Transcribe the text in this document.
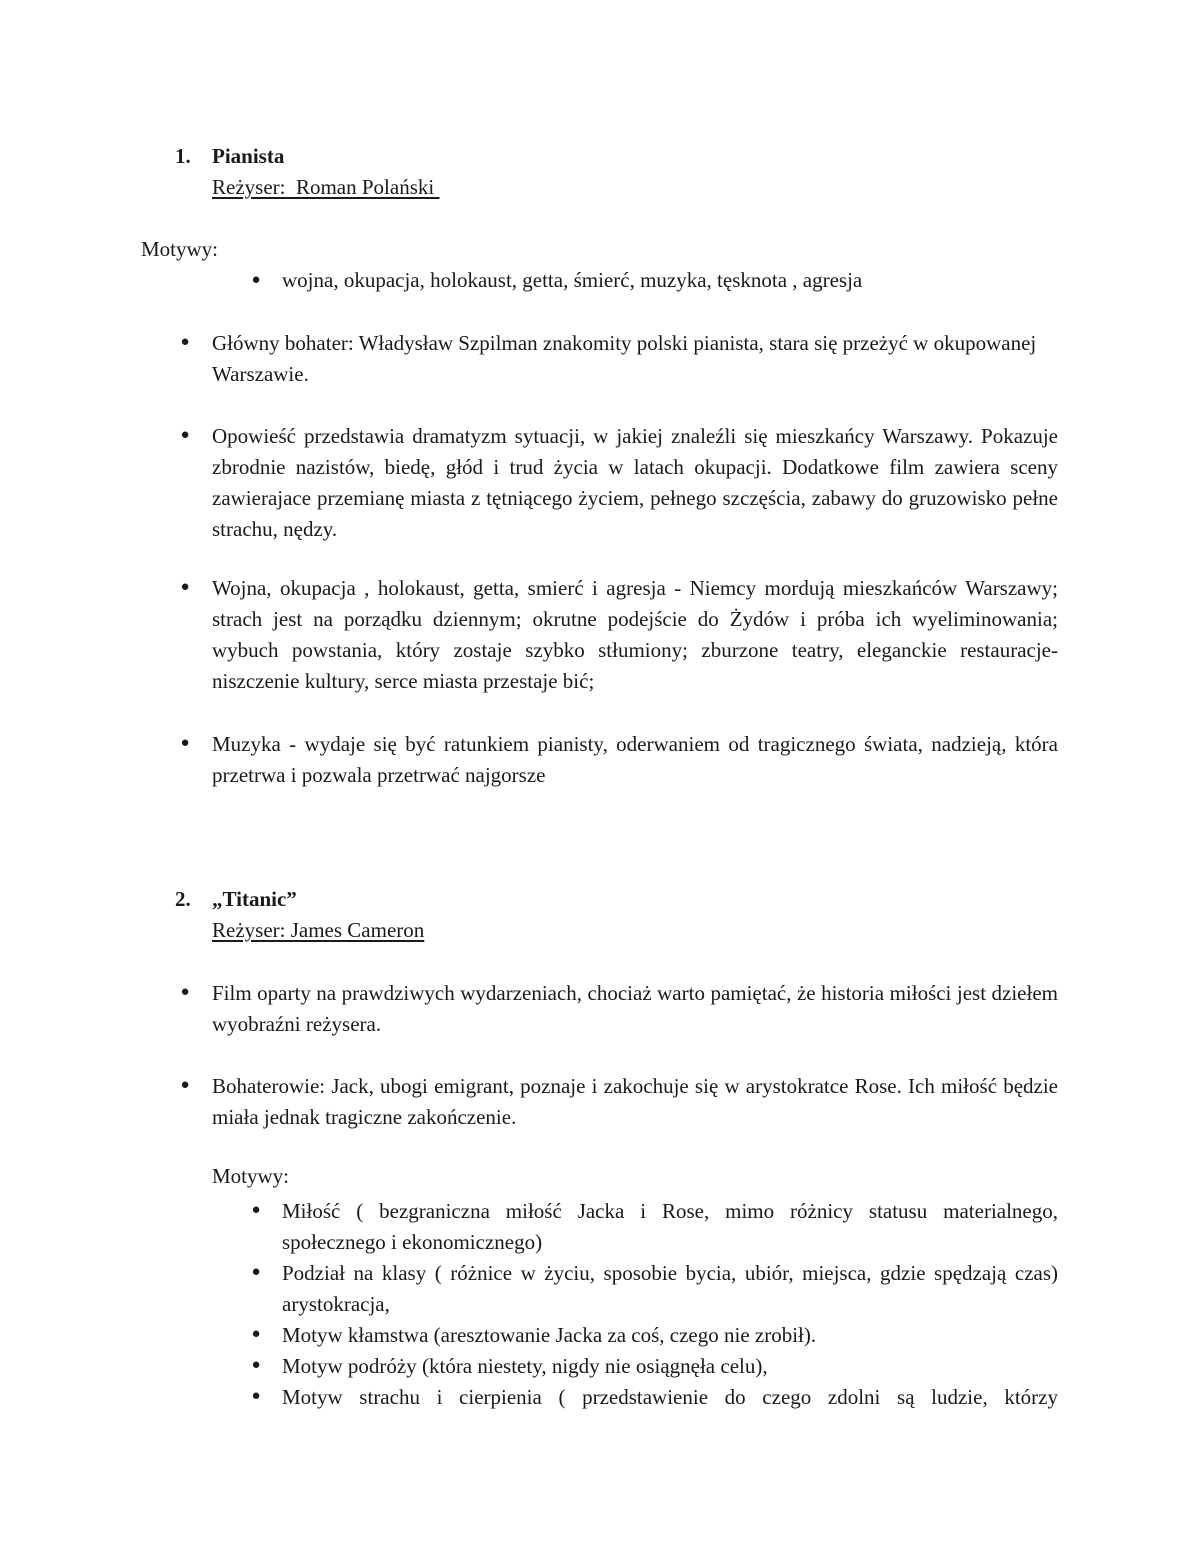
1.	Pianista
Reżyser:  Roman Polański
Motywy:
● wojna, okupacja, holokaust, getta, śmierć, muzyka, tęsknota , agresja
● Główny bohater: Władysław Szpilman znakomity polski pianista, stara się przeżyć w okupowanej Warszawie.
● Opowieść przedstawia dramatyzm sytuacji, w jakiej znaleźli się mieszkańcy Warszawy. Pokazuje zbrodnie nazistów, biedę, głód i trud życia w latach okupacji. Dodatkowe film zawiera sceny zawierajace przemianę miasta z tętniącego życiem, pełnego szczęścia, zabawy do gruzowisko pełne strachu, nędzy.
● Wojna, okupacja , holokaust, getta, smierć i agresja - Niemcy mordują mieszkańców Warszawy; strach jest na porządku dziennym; okrutne podejście do Żydów i próba ich wyeliminowania; wybuch powstania, który zostaje szybko stłumiony; zburzone teatry, eleganckie restauracje- niszczenie kultury, serce miasta przestaje bić;
● Muzyka - wydaje się być ratunkiem pianisty, oderwaniem od tragicznego świata, nadzieją, która przetrwa i pozwala przetrwać najgorsze
2.	„Titanic”
Reżyser: James Cameron
● Film oparty na prawdziwych wydarzeniach, chociaż warto pamiętać, że historia miłości jest dziełem wyobraźni reżysera.
● Bohaterowie: Jack, ubogi emigrant, poznaje i zakochuje się w arystokratce Rose. Ich miłość będzie miała jednak tragiczne zakończenie.
Motywy:
● Miłość ( bezgraniczna miłość Jacka i Rose, mimo różnicy statusu materialnego, społecznego i ekonomicznego)
● Podział na klasy ( różnice w życiu, sposobie bycia, ubiór, miejsca, gdzie spędzają czas) arystokracja,
● Motyw kłamstwa (aresztowanie Jacka za coś, czego nie zrobił).
● Motyw podróży (która niestety, nigdy nie osiągnęła celu),
● Motyw strachu i cierpienia ( przedstawienie do czego zdolni są ludzie, którzy
